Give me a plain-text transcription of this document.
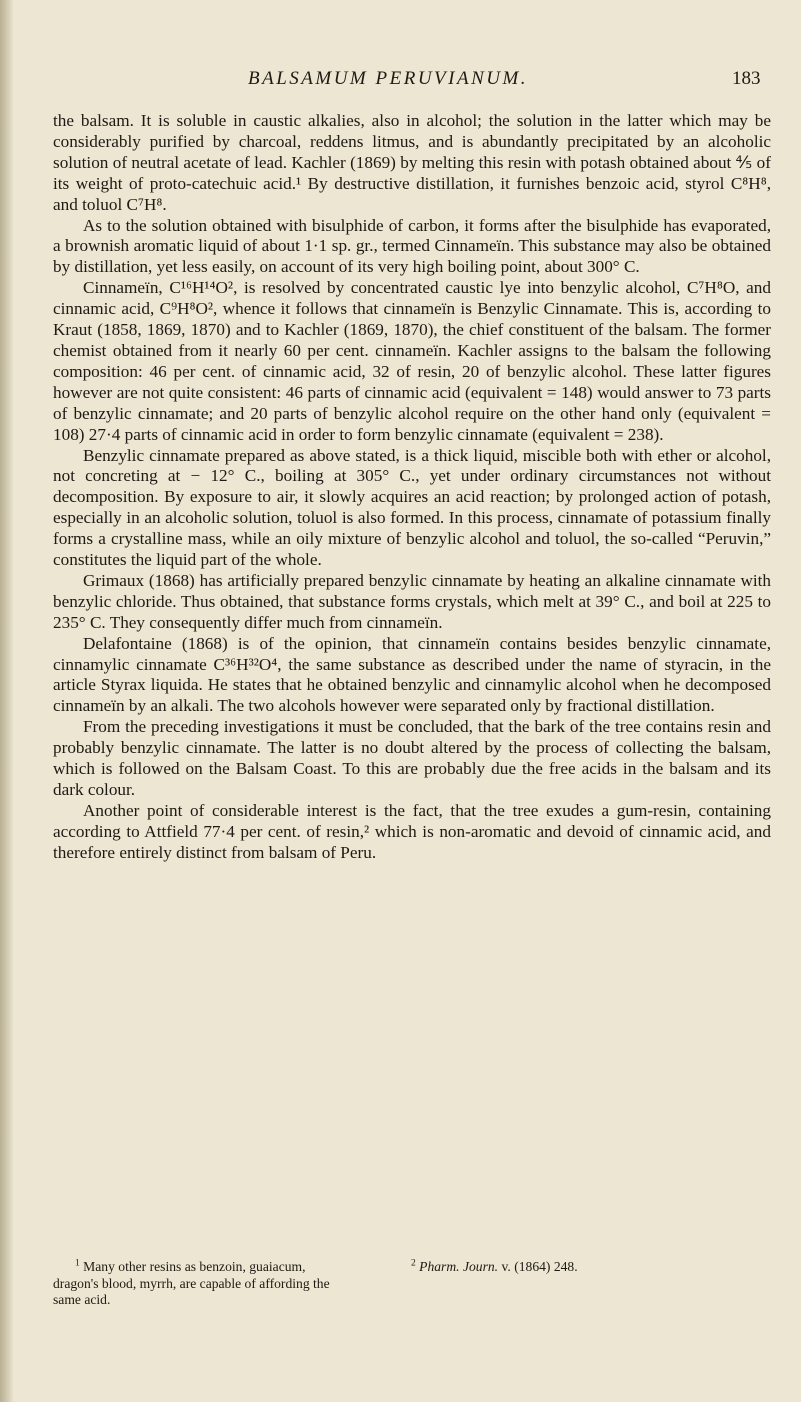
BALSAMUM PERUVIANUM.	183

the balsam. It is soluble in caustic alkalies, also in alcohol; the solution in the latter which may be considerably purified by charcoal, reddens litmus, and is abundantly precipitated by an alcoholic solution of neutral acetate of lead. Kachler (1869) by melting this resin with potash obtained about ⅘ of its weight of proto-catechuic acid.¹ By destructive distillation, it furnishes benzoic acid, styrol C⁸H⁸, and toluol C⁷H⁸.

As to the solution obtained with bisulphide of carbon, it forms after the bisulphide has evaporated, a brownish aromatic liquid of about 1·1 sp. gr., termed Cinnameïn. This substance may also be obtained by distillation, yet less easily, on account of its very high boiling point, about 300° C.

Cinnameïn, C¹⁶H¹⁴O², is resolved by concentrated caustic lye into benzylic alcohol, C⁷H⁸O, and cinnamic acid, C⁹H⁸O², whence it follows that cinnameïn is Benzylic Cinnamate. This is, according to Kraut (1858, 1869, 1870) and to Kachler (1869, 1870), the chief constituent of the balsam. The former chemist obtained from it nearly 60 per cent. cinnameïn. Kachler assigns to the balsam the following composition: 46 per cent. of cinnamic acid, 32 of resin, 20 of benzylic alcohol. These latter figures however are not quite consistent: 46 parts of cinnamic acid (equivalent = 148) would answer to 73 parts of benzylic cinnamate; and 20 parts of benzylic alcohol require on the other hand only (equivalent = 108) 27·4 parts of cinnamic acid in order to form benzylic cinnamate (equivalent = 238).

Benzylic cinnamate prepared as above stated, is a thick liquid, miscible both with ether or alcohol, not concreting at − 12° C., boiling at 305° C., yet under ordinary circumstances not without decomposition. By exposure to air, it slowly acquires an acid reaction; by prolonged action of potash, especially in an alcoholic solution, toluol is also formed. In this process, cinnamate of potassium finally forms a crystalline mass, while an oily mixture of benzylic alcohol and toluol, the so-called “Peruvin,” constitutes the liquid part of the whole.

Grimaux (1868) has artificially prepared benzylic cinnamate by heating an alkaline cinnamate with benzylic chloride. Thus obtained, that substance forms crystals, which melt at 39° C., and boil at 225 to 235° C. They consequently differ much from cinnameïn.

Delafontaine (1868) is of the opinion, that cinnameïn contains besides benzylic cinnamate, cinnamylic cinnamate C³⁶H³²O⁴, the same substance as described under the name of styracin, in the article Styrax liquida. He states that he obtained benzylic and cinnamylic alcohol when he decomposed cinnameïn by an alkali. The two alcohols however were separated only by fractional distillation.

From the preceding investigations it must be concluded, that the bark of the tree contains resin and probably benzylic cinnamate. The latter is no doubt altered by the process of collecting the balsam, which is followed on the Balsam Coast. To this are probably due the free acids in the balsam and its dark colour.

Another point of considerable interest is the fact, that the tree exudes a gum-resin, containing according to Attfield 77·4 per cent. of resin,² which is non-aromatic and devoid of cinnamic acid, and therefore entirely distinct from balsam of Peru.

$^1$ Many other resins as benzoin, guaiacum, dragon's blood, myrrh, are capable of affording the same acid.
$^2$ Pharm. Journ. v. (1864) 248.
